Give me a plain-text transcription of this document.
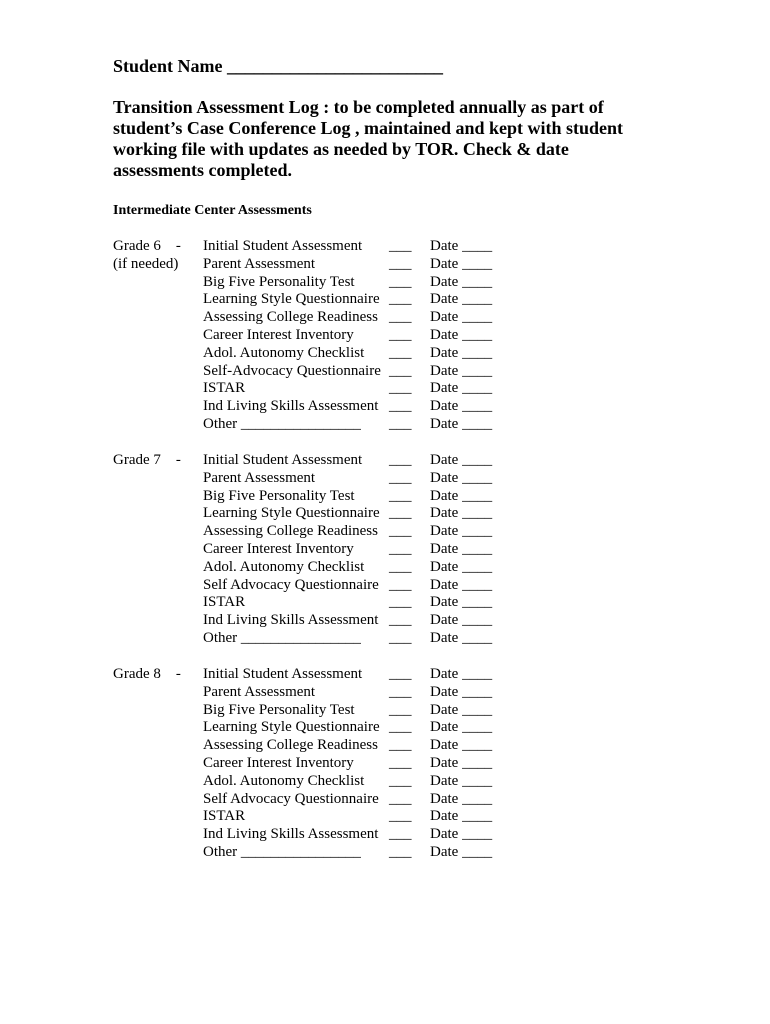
Student Name ________________________
Transition Assessment Log : to be completed annually as part of
student’s Case Conference Log , maintained and kept with student
working file with updates as needed by TOR. Check & date
assessments completed.
Intermediate Center Assessments
Grade 6    -
(if needed)
Initial Student Assessment ___ Date ____
Parent Assessment	___ Date ____
Big Five Personality Test ___ Date ____
Learning Style Questionnaire ___ Date ____
Assessing College Readiness ___ Date ____
Career Interest Inventory ___ Date ____
Adol. Autonomy Checklist ___ Date ____
Self-Advocacy Questionnaire ___ Date ____
ISTAR	___ Date ____
Ind Living Skills Assessment ___ Date ____
Other ________________ ___ Date ____
Grade 7    - Initial Student Assessment ___ Date ____
Parent Assessment	___ Date ____
Big Five Personality Test ___ Date ____
Learning Style Questionnaire ___ Date ____
Assessing College Readiness ___ Date ____
Career Interest Inventory ___ Date ____
Adol. Autonomy Checklist ___ Date ____
Self Advocacy Questionnaire ___ Date ____
ISTAR	___ Date ____
Ind Living Skills Assessment ___ Date ____
Other ________________ ___ Date ____
Grade 8    - Initial Student Assessment ___ Date ____
Parent Assessment	___ Date ____
Big Five Personality Test ___ Date ____
Learning Style Questionnaire ___ Date ____
Assessing College Readiness ___ Date ____
Career Interest Inventory ___ Date ____
Adol. Autonomy Checklist ___ Date ____
Self Advocacy Questionnaire ___ Date ____
ISTAR	___ Date ____
Ind Living Skills Assessment ___ Date ____
Other ________________ ___ Date ____
